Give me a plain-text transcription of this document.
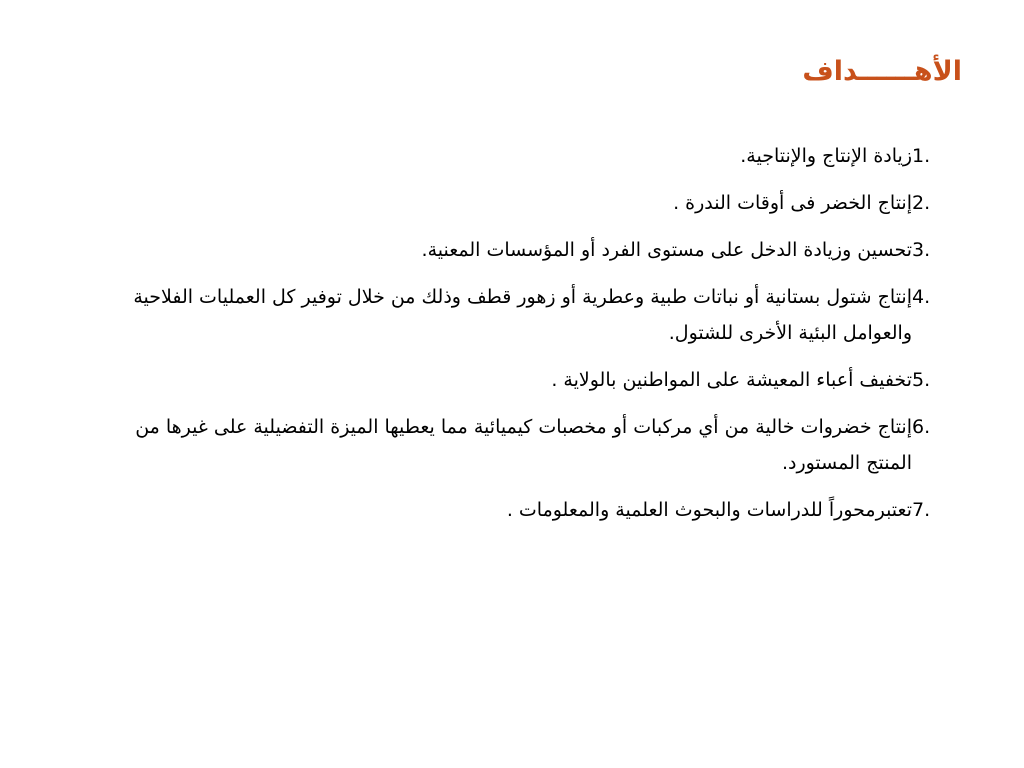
الأهــــــداف
1.
زيادة الإنتاج والإنتاجية.
2.
إنتاج الخضر فى أوقات الندرة .
3.
تحسين وزيادة الدخل على مستوى الفرد أو المؤسسات المعنية.
4.
إنتاج شتول بستانية أو نباتات طبية وعطرية أو زهور قطف وذلك من خلال توفير كل العمليات الفلاحية والعوامل البئية الأخرى للشتول.
5.
تخفيف أعباء المعيشة على المواطنين بالولاية .
6.
إنتاج خضروات خالية من أي مركبات أو مخصبات كيميائية مما يعطيها الميزة التفضيلية على غيرها من المنتج المستورد.
7.
تعتبرمحوراً للدراسات والبحوث العلمية والمعلومات .
